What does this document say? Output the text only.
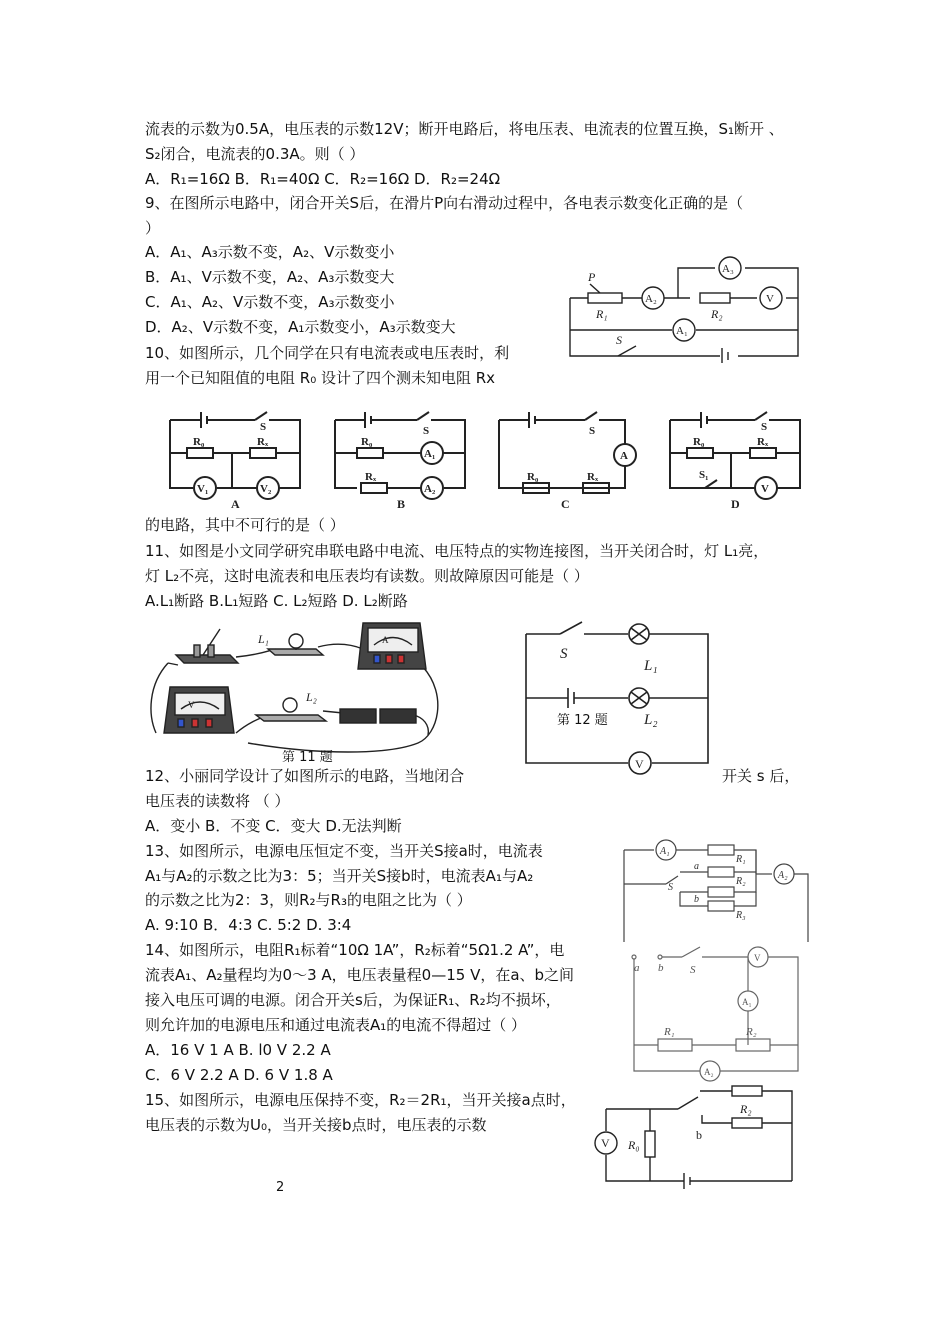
流表的示数为0.5A，电压表的示数12V；断开电路后，将电压表、电流表的位置互换，S₁断开 、
S₂闭合，电流表的0.3A。则（ ）
A．R₁=16Ω B．R₁=40Ω C．R₂=16Ω D．R₂=24Ω
9、在图所示电路中，闭合开关S后，在滑片P向右滑动过程中，各电表示数变化正确的是（
）
A．A₁、A₃示数不变，A₂、V示数变小
B．A₁、V示数不变，A₂、A₃示数变大
C．A₁、A₂、V示数不变，A₃示数变小
D．A₂、V示数不变，A₁示数变小，A₃示数变大
10、如图所示，几个同学在只有电流表或电压表时，利
用一个已知阻值的电阻 R₀ 设计了四个测未知电阻 Rx
的电路，其中不可行的是（ ）
11、如图是小文同学研究串联电路中电流、电压特点的实物连接图，当开关闭合时，灯 L₁亮，
灯 L₂不亮，这时电流表和电压表均有读数。则故障原因可能是（ ）
A.L₁断路 B.L₁短路 C. L₂短路 D. L₂断路
12、小丽同学设计了如图所示的电路，当地闭合	开关 s 后，
电压表的读数将 （ ）
A．变小 B．不变 C．变大 D.无法判断
13、如图所示，电源电压恒定不变，当开关S接a时，电流表
A₁与A₂的示数之比为3：5；当开关S接b时，电流表A₁与A₂
的示数之比为2：3，则R₂与R₃的电阻之比为（ ）
A. 9:10 B．4:3 C. 5:2 D. 3:4
14、如图所示，电阻R₁标着“10Ω 1A”，R₂标着“5Ω1.2 A”，电
流表A₁、A₂量程均为0～3 A，电压表量程0—15 V，在a、b之间
接入电压可调的电源。闭合开关s后，为保证R₁、R₂均不损坏，
则允许加的电源电压和通过电流表A₁的电流不得超过（ ）
A．16 V 1 A B. l0 V 2.2 A
C．6 V 2.2 A D. 6 V 1.8 A
15、如图所示，电源电压保持不变，R₂＝2R₁，当开关接a点时，
电压表的示数为U₀，当开关接b点时，电压表的示数
2
P
R₁	R₂
S
A₂
A₃
V
A₁
R₀	Rₓ
S
V₁	V₂
R₀
S
A₁
Rₓ
A₂
S
A
R₀	Rₓ
R₀	Rₓ
S
S₁
V
A	B	C	D
L₁
L₂
A
V
第 11 题
S
L₁
L₂
V
第 12 题
A₁
R₁
R₂
R₃
A₂
S
a
b
a b S
R₁	R₂
V
A₁
A₂
R₀
R₂
V
b
